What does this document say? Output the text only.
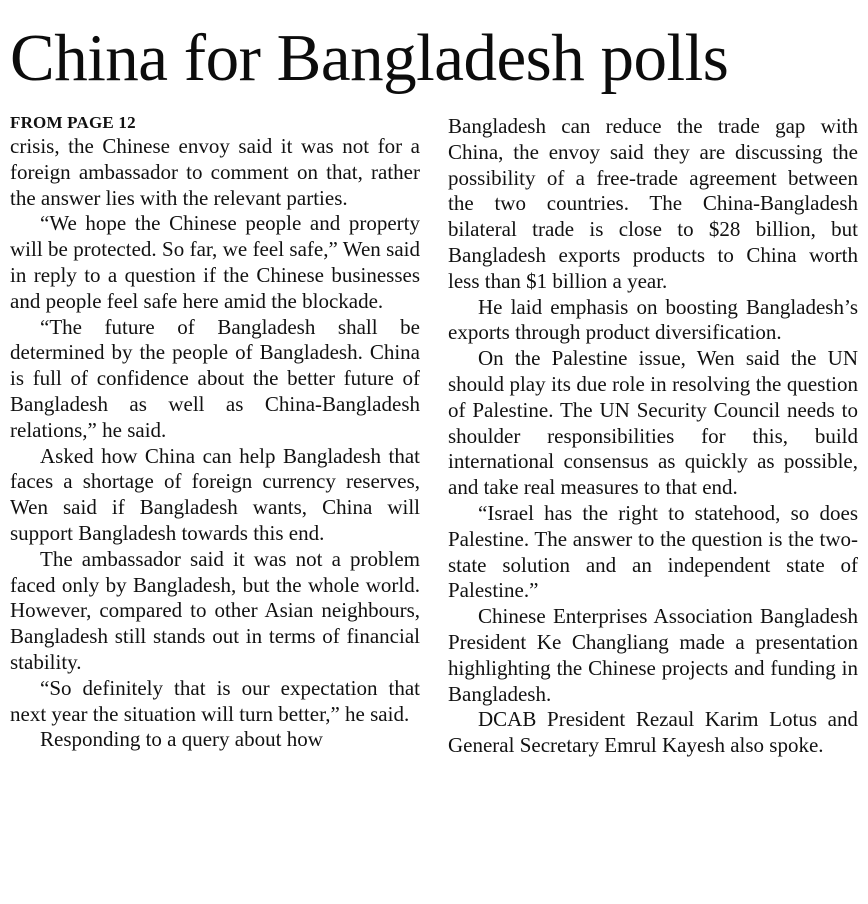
China for Bangladesh polls

FROM PAGE 12

crisis, the Chinese envoy said it was not for a foreign ambassador to comment on that, rather the answer lies with the relevant parties.

“We hope the Chinese people and property will be protected. So far, we feel safe,” Wen said in reply to a question if the Chinese businesses and people feel safe here amid the blockade.

“The future of Bangladesh shall be determined by the people of Bangladesh. China is full of confidence about the better future of Bangladesh as well as China-Bangladesh relations,” he said.

Asked how China can help Bangladesh that faces a shortage of foreign currency reserves, Wen said if Bangladesh wants, China will support Bangladesh towards this end.

The ambassador said it was not a problem faced only by Bangladesh, but the whole world. However, compared to other Asian neighbours, Bangladesh still stands out in terms of financial stability.

“So definitely that is our expectation that next year the situation will turn better,” he said.

Responding to a query about how

Bangladesh can reduce the trade gap with China, the envoy said they are discussing the possibility of a free-trade agreement between the two countries. The China-Bangladesh bilateral trade is close to $28 billion, but Bangladesh exports products to China worth less than $1 billion a year.

He laid emphasis on boosting Bangladesh’s exports through product diversification.

On the Palestine issue, Wen said the UN should play its due role in resolving the question of Palestine. The UN Security Council needs to shoulder responsibilities for this, build international consensus as quickly as possible, and take real measures to that end.

“Israel has the right to statehood, so does Palestine. The answer to the question is the two-state solution and an independent state of Palestine.”

Chinese Enterprises Association Bangladesh President Ke Changliang made a presentation highlighting the Chinese projects and funding in Bangladesh.

DCAB President Rezaul Karim Lotus and General Secretary Emrul Kayesh also spoke.
